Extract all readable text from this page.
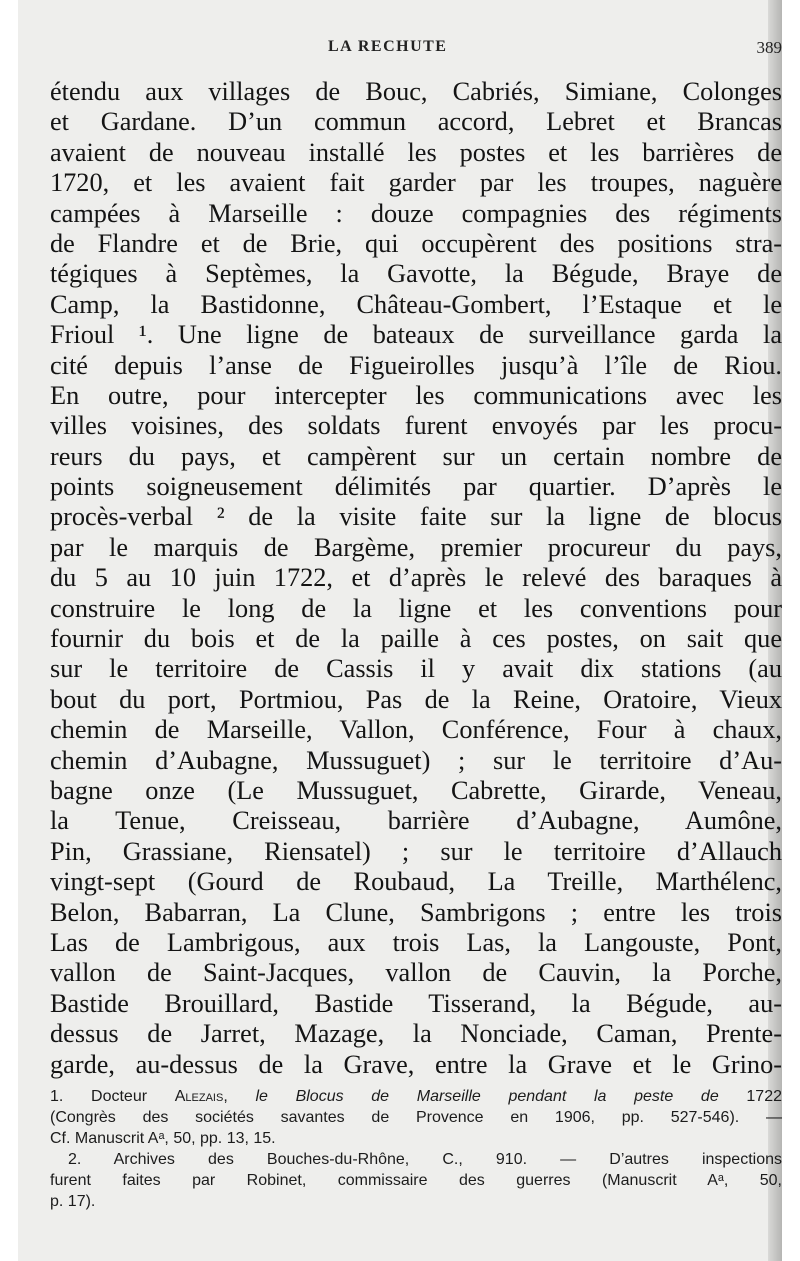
LA RECHUTE	389
étendu aux villages de Bouc, Cabriés, Simiane, Colonges
et Gardane. D’un commun accord, Lebret et Brancas
avaient de nouveau installé les postes et les barrières de
1720, et les avaient fait garder par les troupes, naguère
campées à Marseille : douze compagnies des régiments
de Flandre et de Brie, qui occupèrent des positions stra-
tégiques à Septèmes, la Gavotte, la Bégude, Braye de
Camp, la Bastidonne, Château-Gombert, l’Estaque et le
Frioul ¹. Une ligne de bateaux de surveillance garda la
cité depuis l’anse de Figueirolles jusqu’à l’île de Riou.
En outre, pour intercepter les communications avec les
villes voisines, des soldats furent envoyés par les procu-
reurs du pays, et campèrent sur un certain nombre de
points soigneusement délimités par quartier. D’après le
procès-verbal ² de la visite faite sur la ligne de blocus
par le marquis de Bargème, premier procureur du pays,
du 5 au 10 juin 1722, et d’après le relevé des baraques à
construire le long de la ligne et les conventions pour
fournir du bois et de la paille à ces postes, on sait que
sur le territoire de Cassis il y avait dix stations (au
bout du port, Portmiou, Pas de la Reine, Oratoire, Vieux
chemin de Marseille, Vallon, Conférence, Four à chaux,
chemin d’Aubagne, Mussuguet) ; sur le territoire d’Au-
bagne onze (Le Mussuguet, Cabrette, Girarde, Veneau,
la Tenue, Creisseau, barrière d’Aubagne, Aumône,
Pin, Grassiane, Riensatel) ; sur le territoire d’Allauch
vingt-sept (Gourd de Roubaud, La Treille, Marthélenc,
Belon, Babarran, La Clune, Sambrigons ; entre les trois
Las de Lambrigous, aux trois Las, la Langouste, Pont,
vallon de Saint-Jacques, vallon de Cauvin, la Porche,
Bastide Brouillard, Bastide Tisserand, la Bégude, au-
dessus de Jarret, Mazage, la Nonciade, Caman, Prente-
garde, au-dessus de la Grave, entre la Grave et le Grino-
1. Docteur Alezais, le Blocus de Marseille pendant la peste de 1722
(Congrès des sociétés savantes de Provence en 1906, pp. 527-546). —
Cf. Manuscrit Aᵃ, 50, pp. 13, 15.
2. Archives des Bouches-du-Rhône, C., 910. — D’autres inspections
furent faites par Robinet, commissaire des guerres (Manuscrit Aᵃ, 50,
p. 17).
